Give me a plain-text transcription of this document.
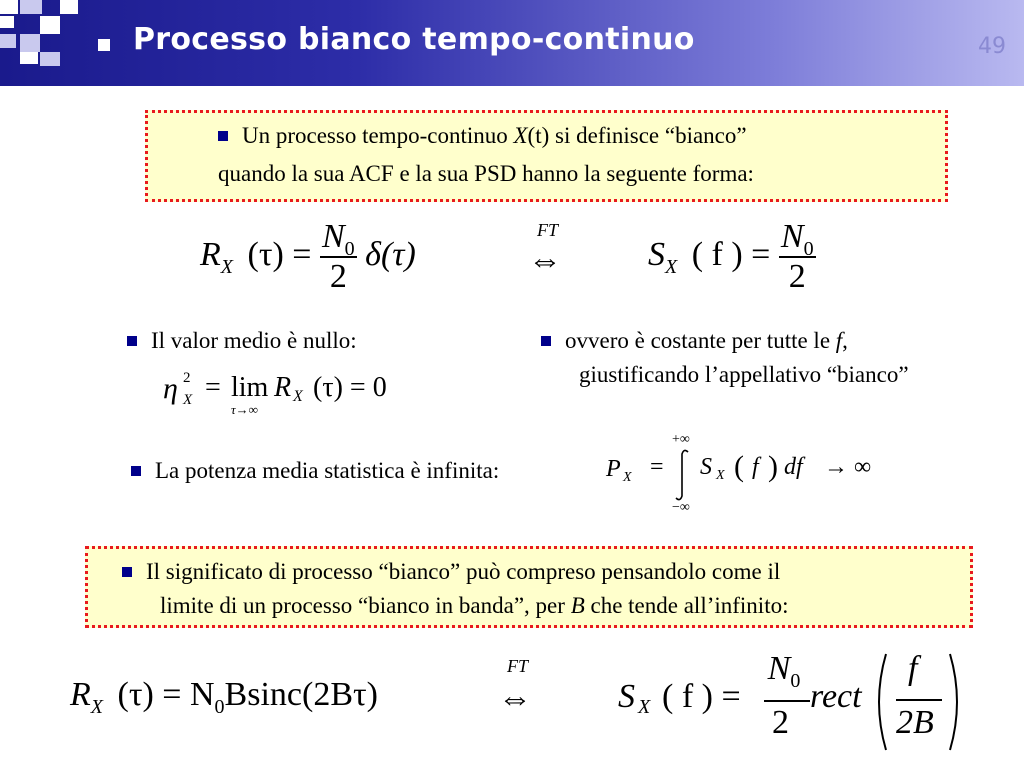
Processo bianco tempo-continuo	49
Un processo tempo-continuo X(t) si definisce “bianco”
quando la sua ACF e la sua PSD hanno la seguente forma:
$R_X$ $(\tau) = \frac{N_0}{2} \delta(\tau)$
FT
⇔	$S_X$ ( f ) = $\frac{N_0}{2}$
Il valor medio è nullo:
η 2
X = lim
τ→∞
R X (τ) = 0
ovvero è costante per tutte le f,
giustificando l’appellativo “bianco”
La potenza media statistica è infinita:	P X =
+∞
−∞
S X ( f ) df → ∞
Il significato di processo “bianco” può compreso pensandolo come il
limite di un processo “bianco in banda”, per B che tende all’infinito:
$R_X$ $(\tau) = N_0Bsinc(2B\tau)$
FT
⇔	S X ( f ) =
$N_0$
2
rect
f
2B
